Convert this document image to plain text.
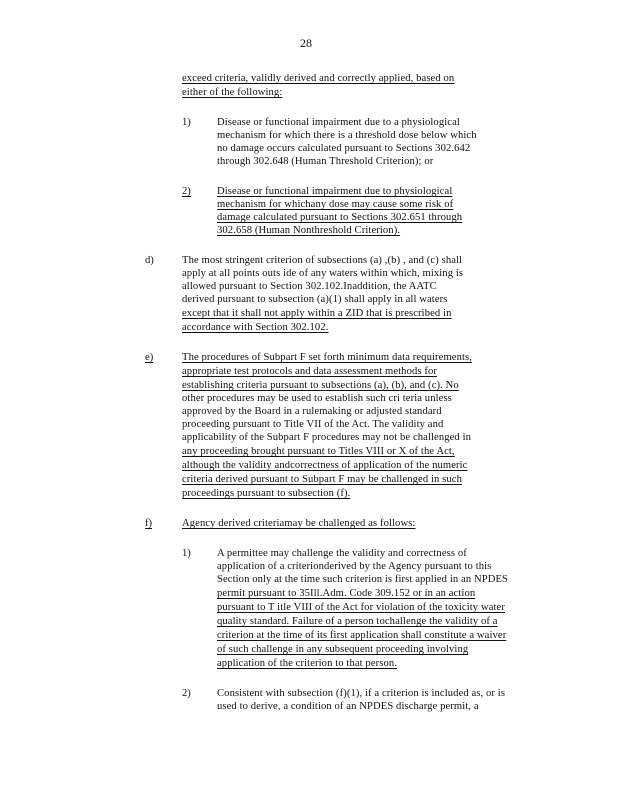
28
exceed criteria, validly derived and correctly applied, based on
either of the following:
1) Disease or functional impairment due to a physiological
mechanism for which there is a threshold dose below which
no damage occurs calculated pursuant to Sections 302.642
through 302.648 (Human Threshold Criterion); or
2) Disease or functional impairment due to physiological
mechanism for whichany dose may cause some risk of
damage calculated pursuant to Sections 302.651 through
302.658 (Human Nonthreshold Criterion).
d)	The most stringent criterion of subsections (a) ,(b) , and (c) shall
apply at all points outs ide of any waters within which, mixing is
allowed pursuant to Section 302.102.Inaddition, the AATC
derived pursuant to subsection (a)(1) shall apply in all waters
except that it shall not apply within a ZID that is prescribed in
accordance with Section 302.102.
e)	The procedures of Subpart F set forth minimum data requirements,
appropriate test protocols and data assessment methods for
establishing criteria pursuant to subsections (a), (b), and (c). No
other procedures may be used to establish such cri teria unless
approved by the Board in a rulemaking or adjusted standard
proceeding pursuant to Title VII of the Act. The validity and
applicability of the Subpart F procedures may not be challenged in
any proceeding brought pursuant to Titles VIII or X of the Act,
although the validity andcorrectness of application of the numeric
criteria derived pursuant to Subpart F may be challenged in such
proceedings pursuant to subsection (f).
f)	Agency derived criteriamay be challenged as follows:
1) A permittee may challenge the validity and correctness of
application of a criterionderived by the Agency pursuant to this
Section only at the time such criterion is first applied in an NPDES
permit pursuant to 35Ill.Adm. Code 309.152 or in an action
pursuant to T itle VIII of the Act for violation of the toxicity water
quality standard. Failure of a person tochallenge the validity of a
criterion at the time of its first application shall constitute a waiver
of such challenge in any subsequent proceeding involving
application of the criterion to that person.
2) Consistent with subsection (f)(1), if a criterion is included as, or is
used to derive, a condition of an NPDES discharge permit, a
